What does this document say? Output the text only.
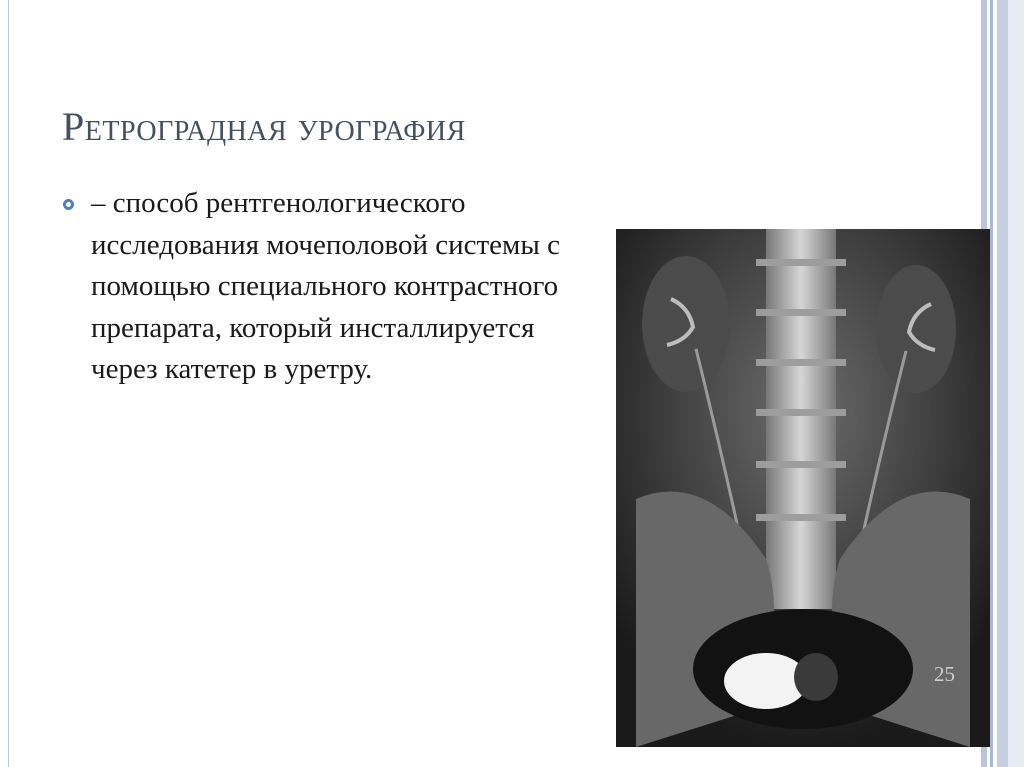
Ретроградная урография

– способ рентгенологического исследования мочеполовой системы с помощью специального контрастного препарата, который инсталлируется через катетер в уретру.

25
